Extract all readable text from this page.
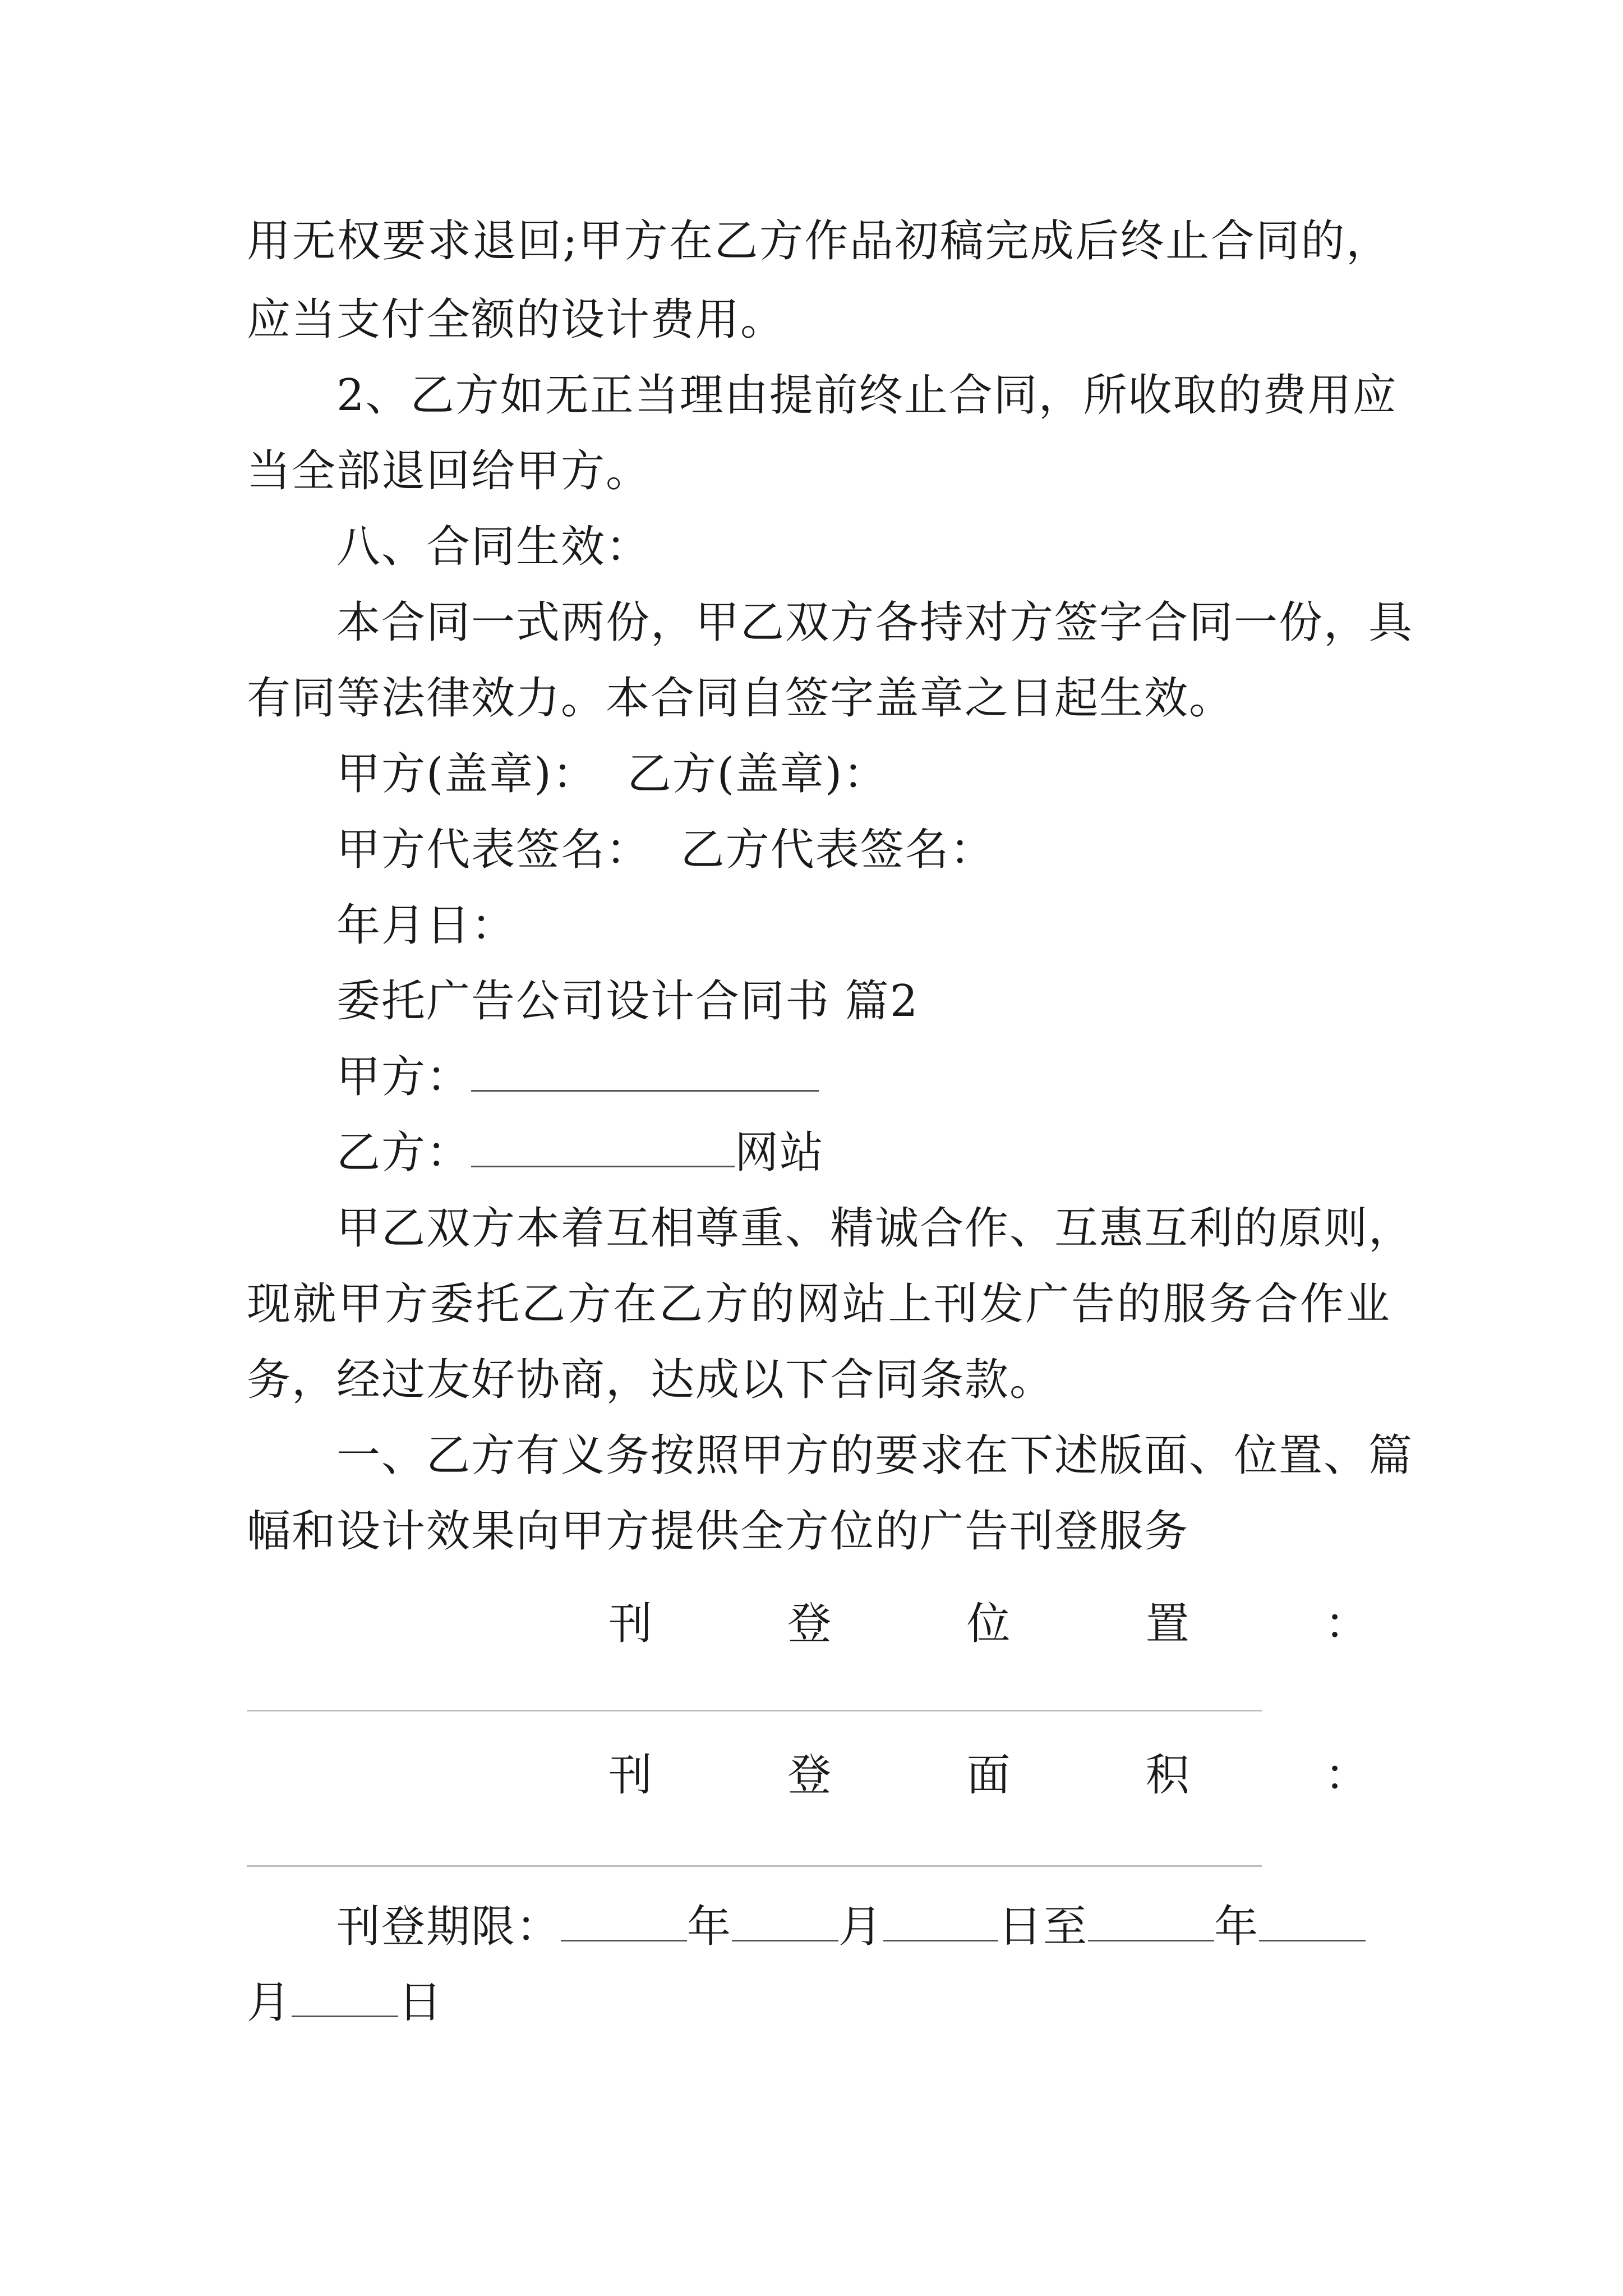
用无权要求退回;甲方在乙方作品初稿完成后终止合同的，
应当支付全额的设计费用。
2、乙方如无正当理由提前终止合同，所收取的费用应
当全部退回给甲方。
八、合同生效：
本合同一式两份，甲乙双方各持对方签字合同一份，具
有同等法律效力。本合同自签字盖章之日起生效。
甲方(盖章)：  乙方(盖章)：
甲方代表签名：  乙方代表签名：
年月日：
委托广告公司设计合同书 篇2
甲方：
乙方：	网站
甲乙双方本着互相尊重、精诚合作、互惠互利的原则，
现就甲方委托乙方在乙方的网站上刊发广告的服务合作业
务，经过友好协商，达成以下合同条款。
一、乙方有义务按照甲方的要求在下述版面、位置、篇
幅和设计效果向甲方提供全方位的广告刊登服务
刊	登	位	置	：
刊	登	面	积	：
刊登期限：	年 月	日至	年
月 日
